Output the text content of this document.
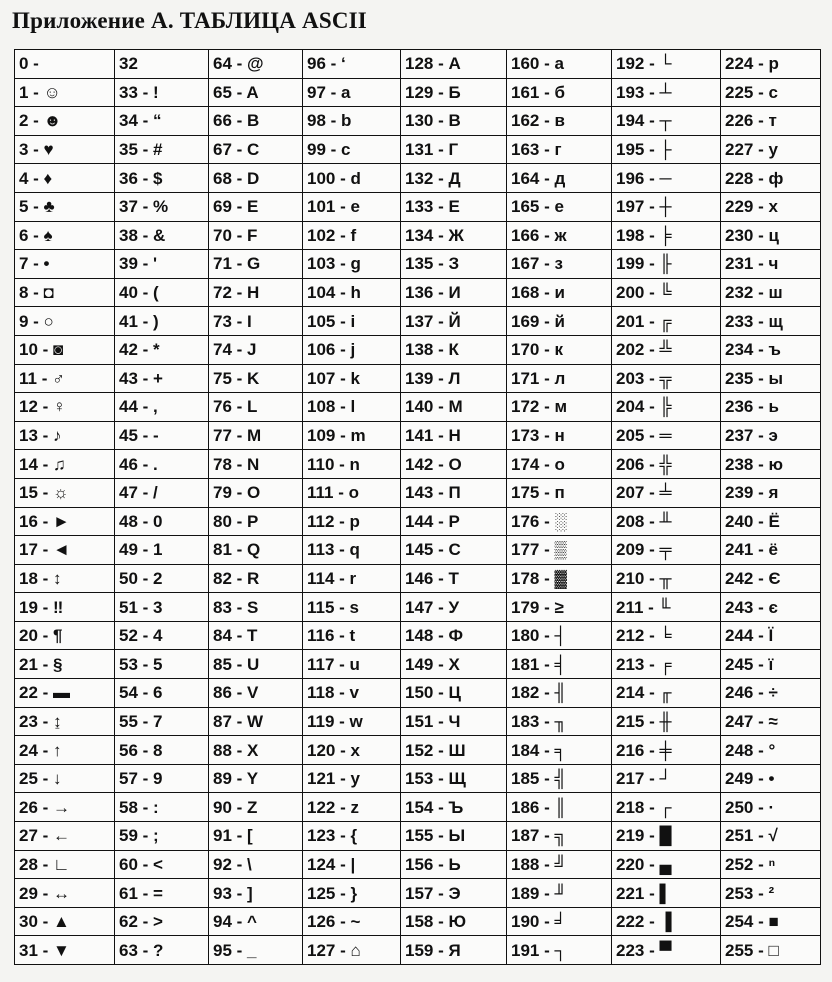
Приложение А. ТАБЛИЦА ASCII
0 -	32	64 - @	96 - ‘	128 - А	160 - а	192 - └	224 - р
1 - ☺	33 - !	65 - A	97 - a	129 - Б	161 - б	193 - ┴	225 - с
2 - ☻	34 - “	66 - B	98 - b	130 - В	162 - в	194 - ┬	226 - т
3 - ♥	35 - #	67 - C	99 - c	131 - Г	163 - г	195 - ├	227 - у
4 - ♦	36 - $	68 - D	100 - d	132 - Д	164 - д	196 - ─	228 - ф
5 - ♣	37 - %	69 - E	101 - e	133 - Е	165 - е	197 - ┼	229 - х
6 - ♠	38 - &	70 - F	102 - f	134 - Ж	166 - ж	198 - ╞	230 - ц
7 - •	39 - '	71 - G	103 - g	135 - З	167 - з	199 - ╟	231 - ч
8 - ◘	40 - (	72 - H	104 - h	136 - И	168 - и	200 - ╚	232 - ш
9 - ○	41 - )	73 - I	105 - i	137 - Й	169 - й	201 - ╔	233 - щ
10 - ◙	42 - *	74 - J	106 - j	138 - К	170 - к	202 - ╩	234 - ъ
11 - ♂	43 - +	75 - K	107 - k	139 - Л	171 - л	203 - ╦	235 - ы
12 - ♀	44 - ,	76 - L	108 - l	140 - М	172 - м	204 - ╠	236 - ь
13 - ♪	45 - -	77 - M	109 - m	141 - Н	173 - н	205 - ═	237 - э
14 - ♫	46 - .	78 - N	110 - n	142 - О	174 - о	206 - ╬	238 - ю
15 - ☼	47 - /	79 - O	111 - o	143 - П	175 - п	207 - ╧	239 - я
16 - ►	48 - 0	80 - P	112 - p	144 - Р	176 - ░	208 - ╨	240 - Ё
17 - ◄	49 - 1	81 - Q	113 - q	145 - С	177 - ▒	209 - ╤	241 - ё
18 - ↕	50 - 2	82 - R	114 - r	146 - Т	178 - ▓	210 - ╥	242 - Є
19 - ‼	51 - 3	83 - S	115 - s	147 - У	179 - ≥	211 - ╙	243 - є
20 - ¶	52 - 4	84 - T	116 - t	148 - Ф	180 - ┤	212 - ╘	244 - Ї
21 - §	53 - 5	85 - U	117 - u	149 - Х	181 - ╡	213 - ╒	245 - ї
22 - ▬	54 - 6	86 - V	118 - v	150 - Ц	182 - ╢	214 - ╓	246 - ÷
23 - ↨	55 - 7	87 - W	119 - w	151 - Ч	183 - ╖	215 - ╫	247 - ≈
24 - ↑	56 - 8	88 - X	120 - x	152 - Ш	184 - ╕	216 - ╪	248 - °
25 - ↓	57 - 9	89 - Y	121 - y	153 - Щ	185 - ╣	217 - ┘	249 - •
26 - →	58 - :	90 - Z	122 - z	154 - Ъ	186 - ║	218 - ┌	250 - ·
27 - ←	59 - ;	91 - [	123 - {	155 - Ы	187 - ╗	219 - █	251 - √
28 - ∟	60 - <	92 - \	124 - |	156 - Ь	188 - ╝	220 - ▄	252 - ⁿ
29 - ↔	61 - =	93 - ]	125 - }	157 - Э	189 - ╜	221 - ▌	253 - ²
30 - ▲	62 - >	94 - ^	126 - ~	158 - Ю	190 - ╛	222 - ▐	254 - ■
31 - ▼	63 - ?	95 - _	127 - ⌂	159 - Я	191 - ┐	223 - ▀	255 - □
